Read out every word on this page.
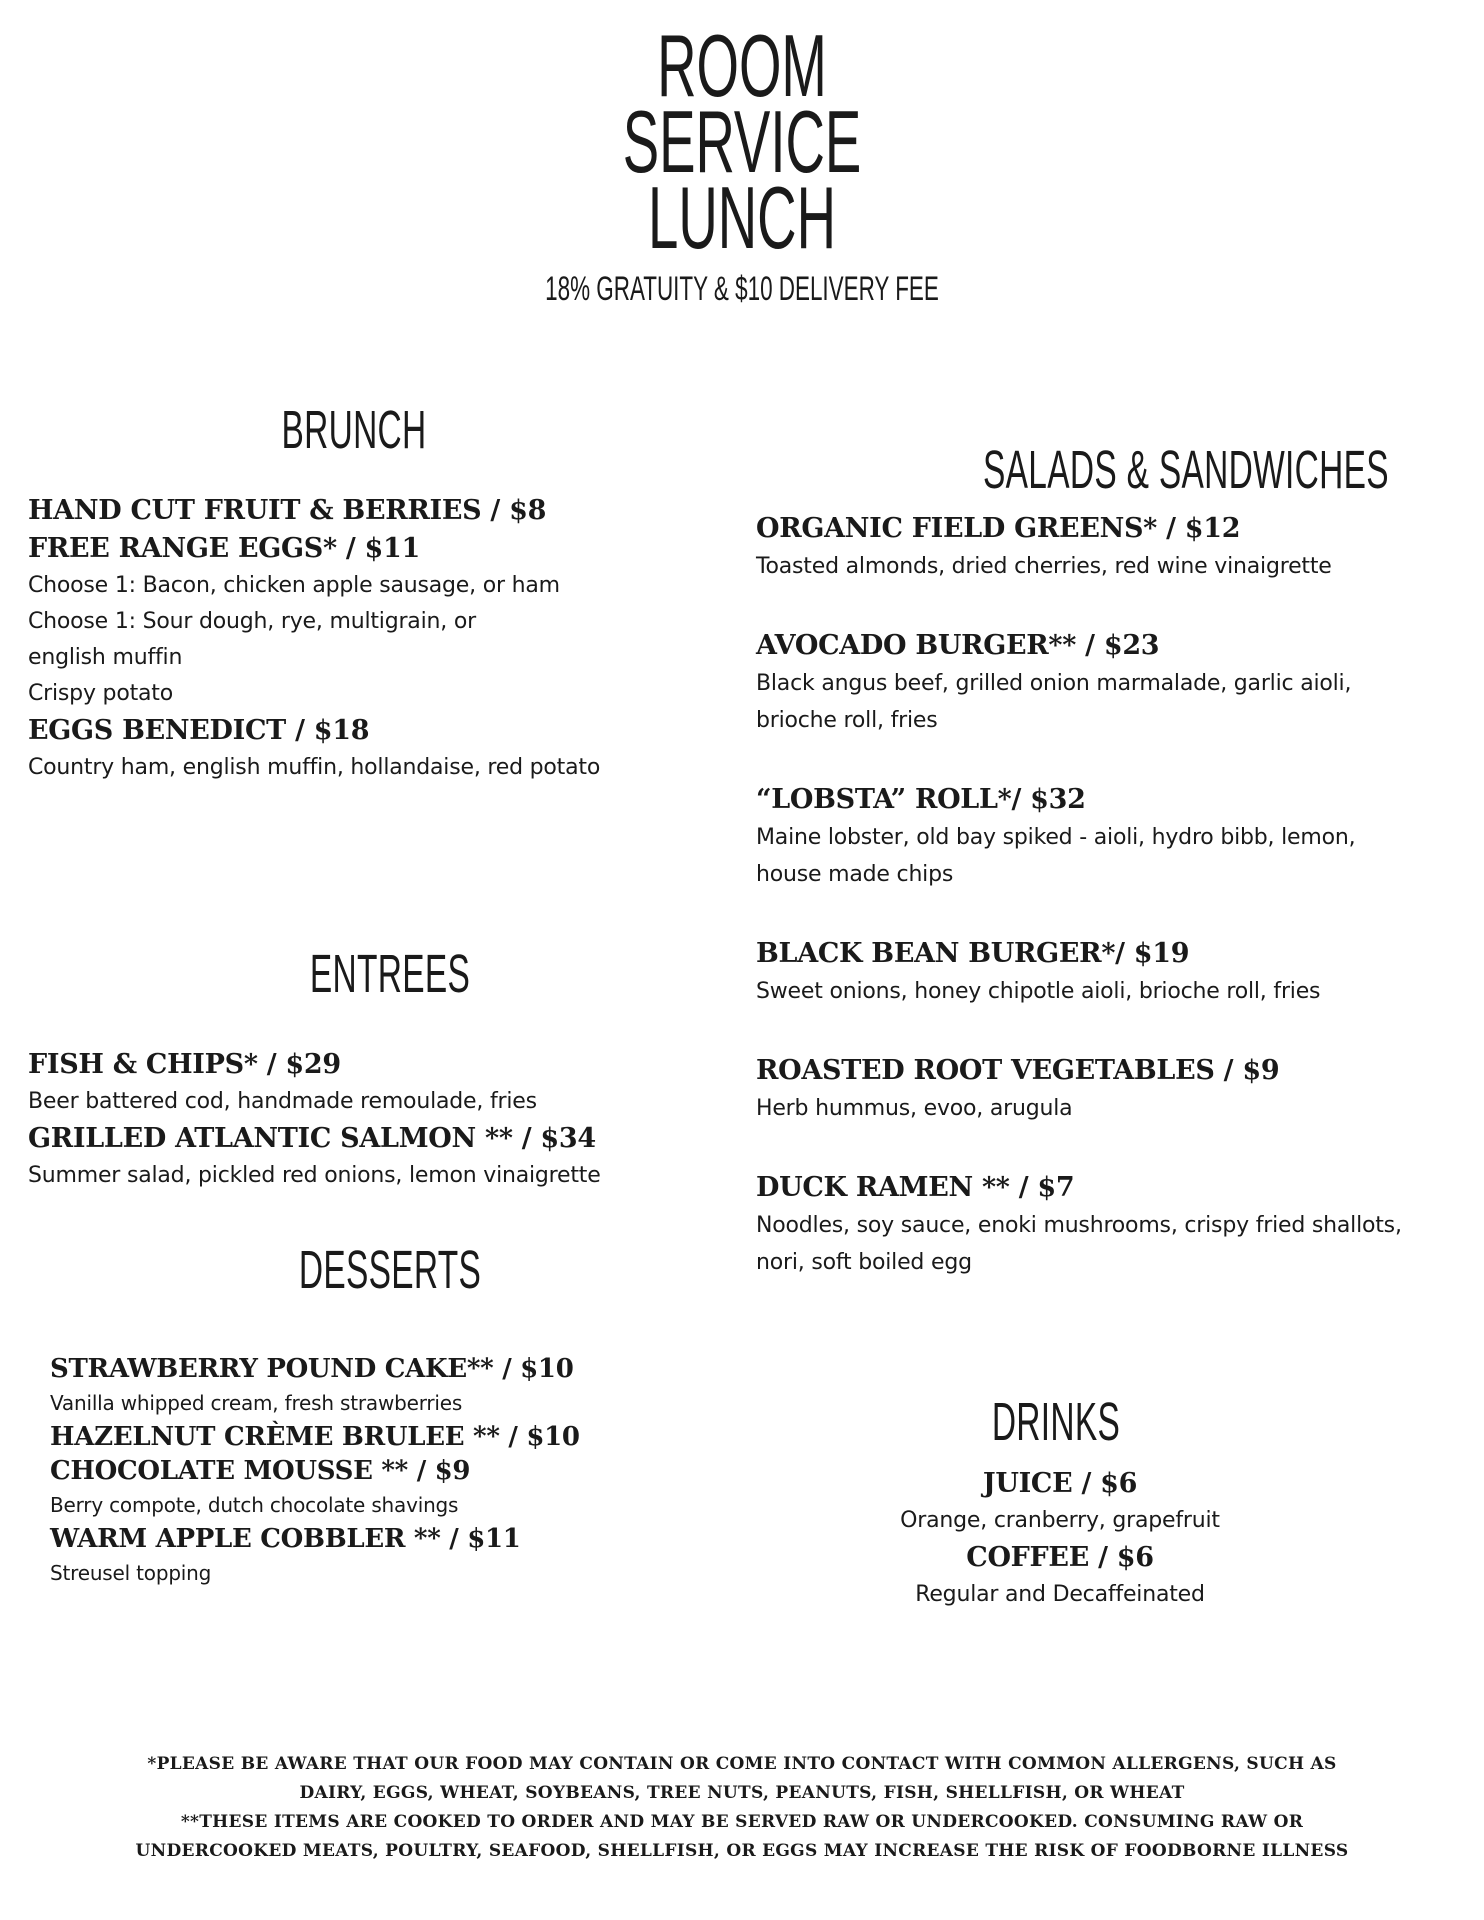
ROOM
SERVICE
LUNCH
18% GRATUITY & $10 DELIVERY FEE
BRUNCH
SALADS & SANDWICHES
ENTREES
DESSERTS
DRINKS
HAND CUT FRUIT & BERRIES / $8
FREE RANGE EGGS* / $11
Choose 1: Bacon, chicken apple sausage, or ham
Choose 1: Sour dough, rye, multigrain, or
english muffin
Crispy potato
EGGS BENEDICT / $18
Country ham, english muffin, hollandaise, red potato
FISH & CHIPS* / $29
Beer battered cod, handmade remoulade, fries
GRILLED ATLANTIC SALMON ** / $34
Summer salad, pickled red onions, lemon vinaigrette
STRAWBERRY POUND CAKE** / $10
Vanilla whipped cream, fresh strawberries
HAZELNUT CRÈME BRULEE ** / $10
CHOCOLATE MOUSSE ** / $9
Berry compote, dutch chocolate shavings
WARM APPLE COBBLER ** / $11
Streusel topping
ORGANIC FIELD GREENS* / $12
Toasted almonds, dried cherries, red wine vinaigrette
AVOCADO BURGER** / $23
Black angus beef, grilled onion marmalade, garlic aioli,
brioche roll, fries
“LOBSTA” ROLL*/ $32
Maine lobster, old bay spiked - aioli, hydro bibb, lemon,
house made chips
BLACK BEAN BURGER*/ $19
Sweet onions, honey chipotle aioli, brioche roll, fries
ROASTED ROOT VEGETABLES / $9
Herb hummus, evoo, arugula
DUCK RAMEN ** / $7
Noodles, soy sauce, enoki mushrooms, crispy fried shallots,
nori, soft boiled egg
JUICE / $6
Orange, cranberry, grapefruit
COFFEE / $6
Regular and Decaffeinated
*PLEASE BE AWARE THAT OUR FOOD MAY CONTAIN OR COME INTO CONTACT WITH COMMON ALLERGENS, SUCH AS
DAIRY, EGGS, WHEAT, SOYBEANS, TREE NUTS, PEANUTS, FISH, SHELLFISH, OR WHEAT
**THESE ITEMS ARE COOKED TO ORDER AND MAY BE SERVED RAW OR UNDERCOOKED. CONSUMING RAW OR
UNDERCOOKED MEATS, POULTRY, SEAFOOD, SHELLFISH, OR EGGS MAY INCREASE THE RISK OF FOODBORNE ILLNESS
